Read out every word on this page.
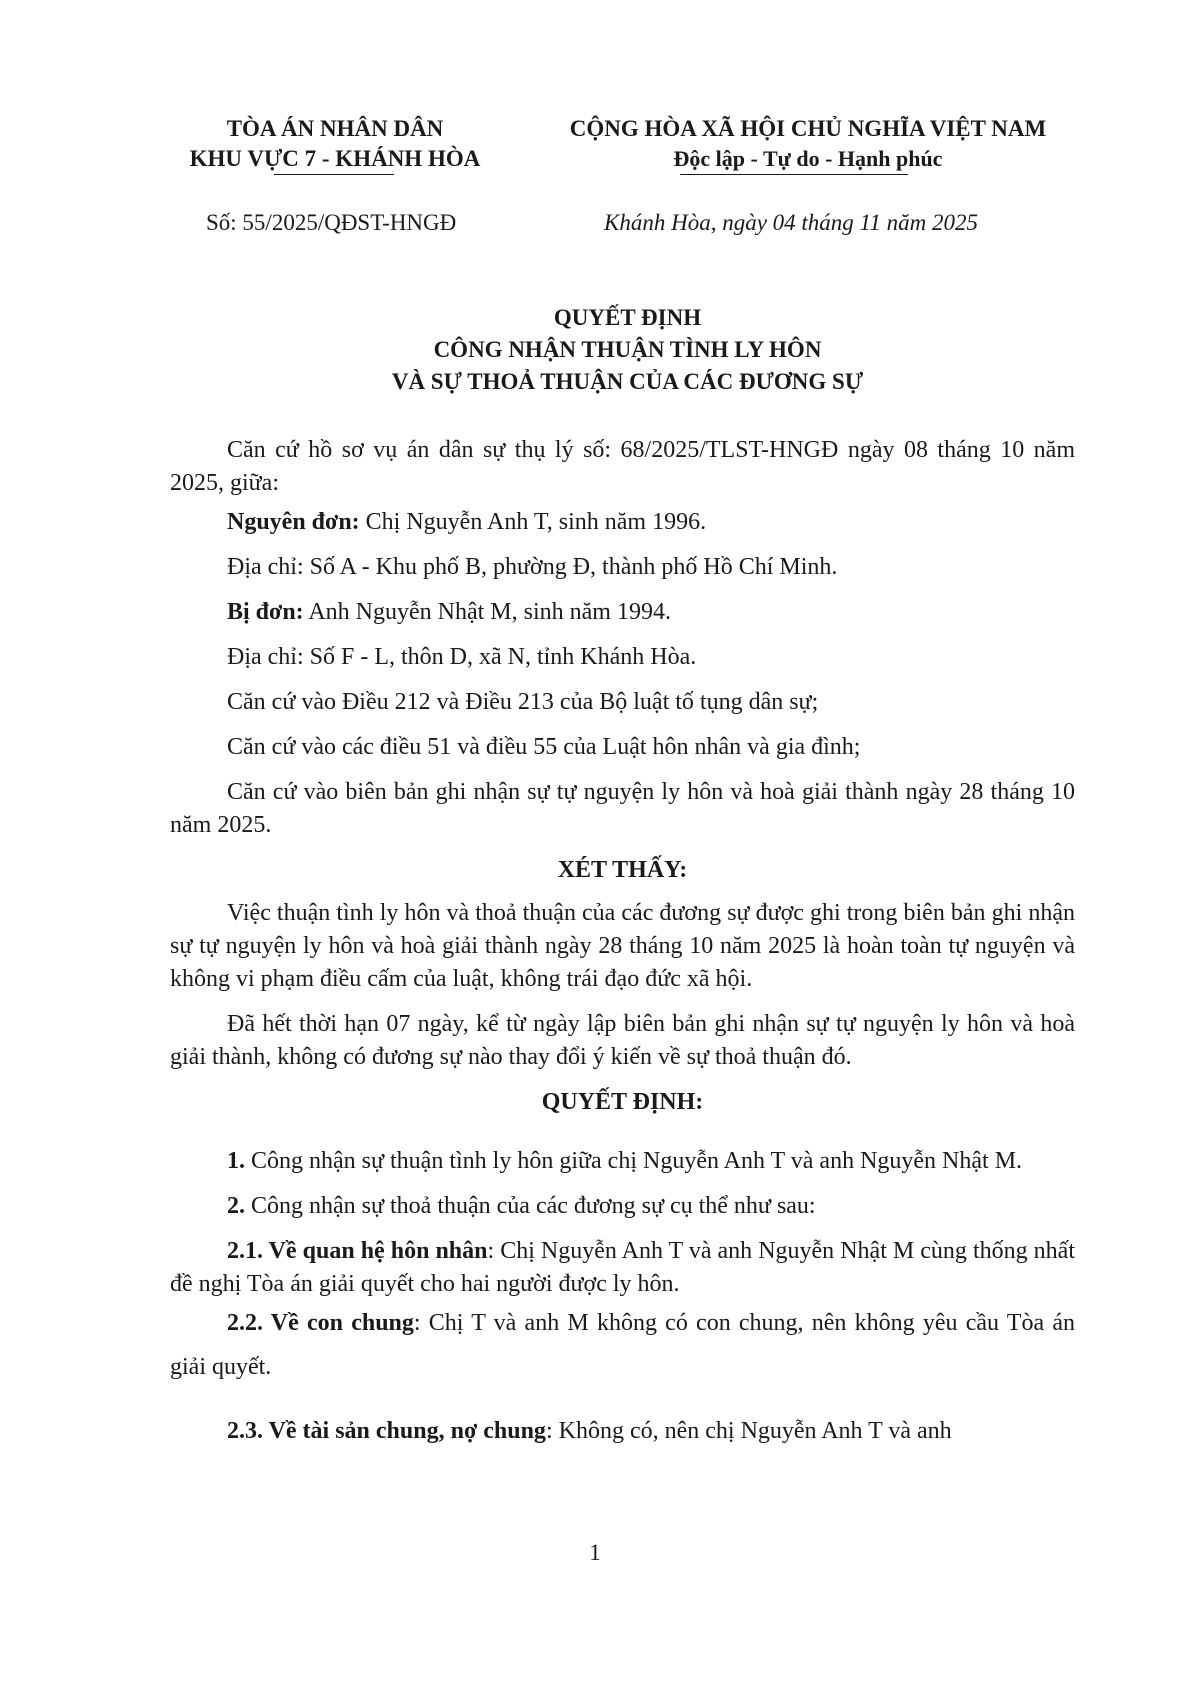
TÒA ÁN NHÂN DÂN
KHU VỰC 7 - KHÁNH HÒA
CỘNG HÒA XÃ HỘI CHỦ NGHĨA VIỆT NAM
Độc lập - Tự do - Hạnh phúc
Số: 55/2025/QĐST-HNGĐ	Khánh Hòa, ngày 04 tháng 11 năm 2025
QUYẾT ĐỊNH
CÔNG NHẬN THUẬN TÌNH LY HÔN
VÀ SỰ THOẢ THUẬN CỦA CÁC ĐƯƠNG SỰ

Căn cứ hồ sơ vụ án dân sự thụ lý số: 68/2025/TLST-HNGĐ ngày 08 tháng 10 năm 2025, giữa:

Nguyên đơn: Chị Nguyễn Anh T, sinh năm 1996.

Địa chỉ: Số A - Khu phố B, phường Đ, thành phố Hồ Chí Minh.

Bị đơn: Anh Nguyễn Nhật M, sinh năm 1994.

Địa chỉ: Số F - L, thôn D, xã N, tỉnh Khánh Hòa.

Căn cứ vào Điều 212 và Điều 213 của Bộ luật tố tụng dân sự;

Căn cứ vào các điều 51 và điều 55 của Luật hôn nhân và gia đình;

Căn cứ vào biên bản ghi nhận sự tự nguyện ly hôn và hoà giải thành ngày 28 tháng 10 năm 2025.

XÉT THẤY:

Việc thuận tình ly hôn và thoả thuận của các đương sự được ghi trong biên bản ghi nhận sự tự nguyện ly hôn và hoà giải thành ngày 28 tháng 10 năm 2025 là hoàn toàn tự nguyện và không vi phạm điều cấm của luật, không trái đạo đức xã hội.

Đã hết thời hạn 07 ngày, kể từ ngày lập biên bản ghi nhận sự tự nguyện ly hôn và hoà giải thành, không có đương sự nào thay đổi ý kiến về sự thoả thuận đó.

QUYẾT ĐỊNH:

1. Công nhận sự thuận tình ly hôn giữa chị Nguyễn Anh T và anh Nguyễn Nhật M.

2. Công nhận sự thoả thuận của các đương sự cụ thể như sau:

2.1. Về quan hệ hôn nhân: Chị Nguyễn Anh T và anh Nguyễn Nhật M cùng thống nhất đề nghị Tòa án giải quyết cho hai người được ly hôn.

2.2. Về con chung: Chị T và anh M không có con chung, nên không yêu cầu Tòa án giải quyết.

2.3. Về tài sản chung, nợ chung: Không có, nên chị Nguyễn Anh T và anh

1
